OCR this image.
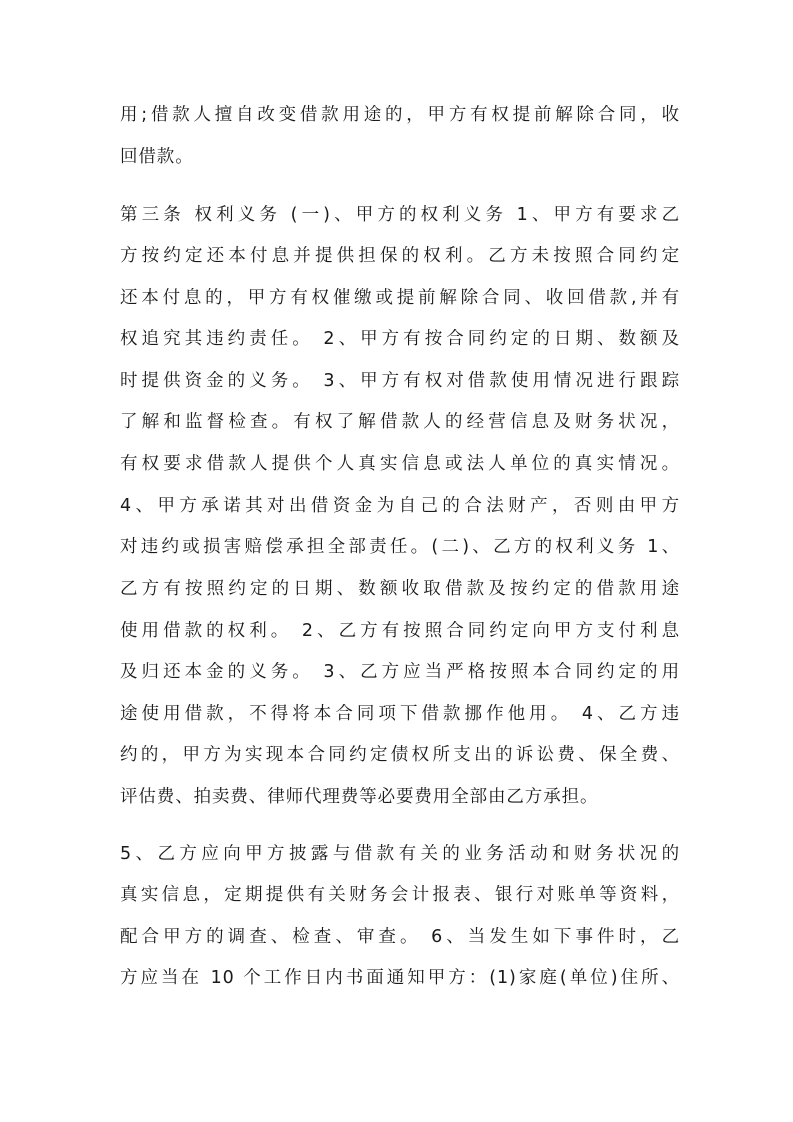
用;借款人擅自改变借款用途的，甲方有权提前解除合同，收
回借款。
第三条 权利义务 (一)、甲方的权利义务 1、甲方有要求乙
方按约定还本付息并提供担保的权利。乙方未按照合同约定
还本付息的，甲方有权催缴或提前解除合同、收回借款,并有
权追究其违约责任。 2、甲方有按合同约定的日期、数额及
时提供资金的义务。 3、甲方有权对借款使用情况进行跟踪
了解和监督检查。有权了解借款人的经营信息及财务状况，
有权要求借款人提供个人真实信息或法人单位的真实情况。
4、甲方承诺其对出借资金为自己的合法财产，否则由甲方
对违约或损害赔偿承担全部责任。(二)、乙方的权利义务 1、
乙方有按照约定的日期、数额收取借款及按约定的借款用途
使用借款的权利。 2、乙方有按照合同约定向甲方支付利息
及归还本金的义务。 3、乙方应当严格按照本合同约定的用
途使用借款，不得将本合同项下借款挪作他用。 4、乙方违
约的，甲方为实现本合同约定债权所支出的诉讼费、保全费、
评估费、拍卖费、律师代理费等必要费用全部由乙方承担。
5、乙方应向甲方披露与借款有关的业务活动和财务状况的
真实信息，定期提供有关财务会计报表、银行对账单等资料，
配合甲方的调查、检查、审查。 6、当发生如下事件时，乙
方应当在 10 个工作日内书面通知甲方：(1)家庭(单位)住所、
